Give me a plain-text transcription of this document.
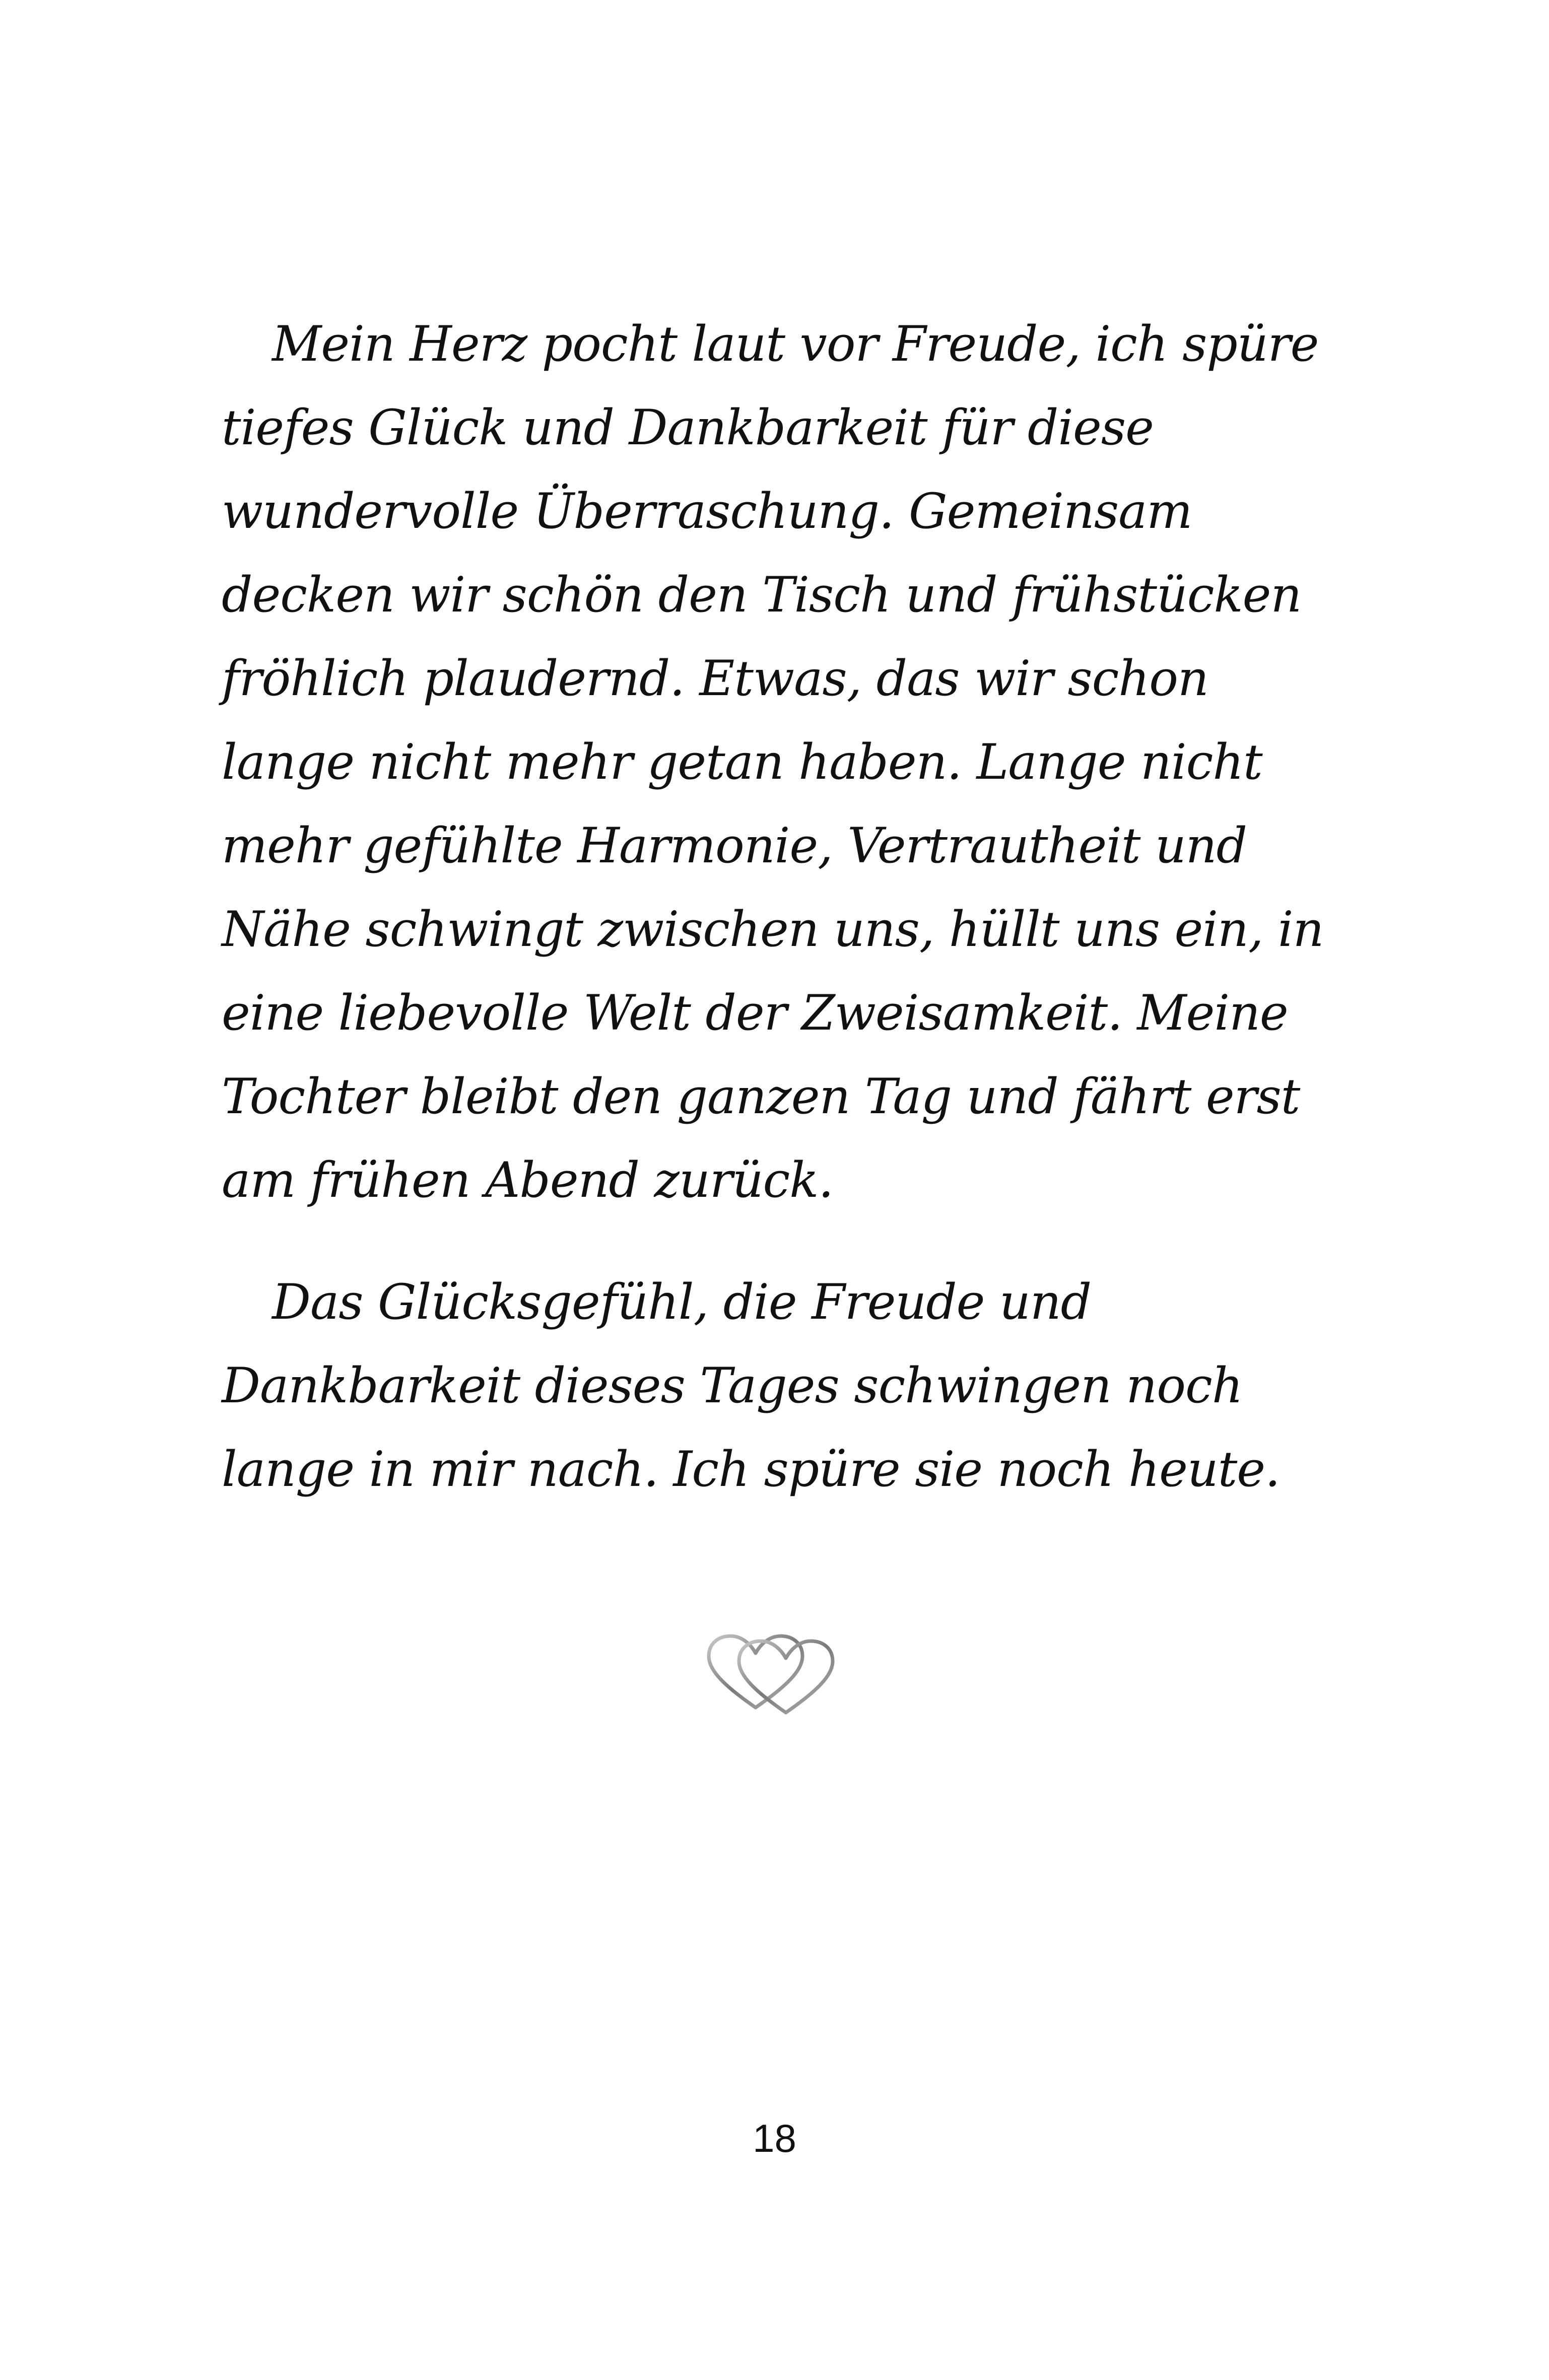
Mein Herz pocht laut vor Freude, ich spüre tiefes Glück und Dankbarkeit für diese wundervolle Überraschung. Gemeinsam decken wir schön den Tisch und frühstücken fröhlich plaudernd. Etwas, das wir schon lange nicht mehr getan haben. Lange nicht mehr gefühlte Harmonie, Vertrautheit und Nähe schwingt zwischen uns, hüllt uns ein, in eine liebevolle Welt der Zweisamkeit. Meine Tochter bleibt den ganzen Tag und fährt erst am frühen Abend zurück.

Das Glücksgefühl, die Freude und Dankbarkeit dieses Tages schwingen noch lange in mir nach. Ich spüre sie noch heute.

18
